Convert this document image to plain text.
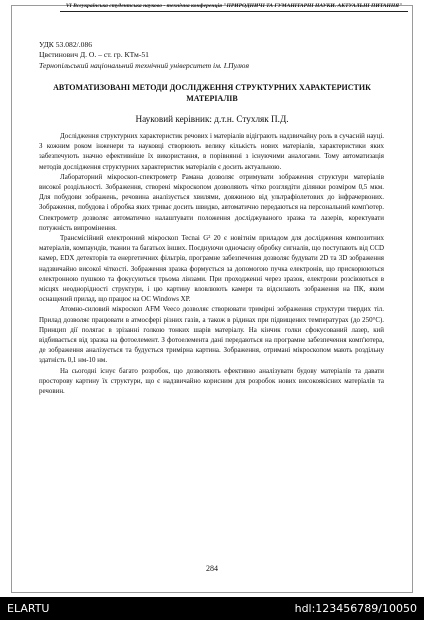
VI Всеукраїнська студентська науково - технічна конференція "ПРИРОДНИЧІ ТА ГУМАНІТАРНІ НАУКИ. АКТУАЛЬНІ ПИТАННЯ"
УДК 53.082/.086
Цвєтинович Д. О. – ст. гр. КТм-51
Тернопільський національний технічний університет ім. І.Пулюя
АВТОМАТИЗОВАНІ МЕТОДИ ДОСЛІДЖЕННЯ СТРУКТУРНИХ ХАРАКТЕРИСТИК МАТЕРІАЛІВ
Науковий керівник: д.т.н. Стухляк П.Д.

Дослідження структурних характеристик речових і матеріалів відіграють надзвичайну роль в сучасній науці. З кожним роком інженери та науковці створюють велику кількість нових матеріалів, характеристики яких забезпечують значно ефективніше їх використання, в порівнянні з існуючими аналогами. Тому автоматизація методів дослідження структурних характеристик матеріалів є досить актуальною.

Лабораторний мікроскоп-спектрометр Рамана дозволяє отримувати зображення структури матеріалів високої роздільності. Зображення, створені мікроскопом дозволяють чітко розглядіти ділянки розміром 0,5 мкм. Для побудови зображень, речовина аналізується хвилями, довжиною від ультрафіолетових до інфрачервоних. Зображення, побудова і обробка яких триває досить швидко, автоматично передаються на персональний комп'ютер. Спектрометр дозволяє автоматично налаштувати положення досліджуваного зразка та лазерів, коректувати потужність випромінення.

Трансмісійний електронний мікроскоп Tecnai G² 20 є новітнім приладом для дослідження композитних матеріалів, компаундів, тканин та багатьох інших. Поєднуючи одночасну обробку сигналів, що поступають від CCD камер, EDX детекторів та енергетичних фільтрів, програмне забезпечення дозволяє будувати 2D та 3D зображення надзвичайно високої чіткості. Зображення зразка формується за допомогою пучка електронів, що прискорюються електронною пушкою та фокусуються трьома лінзами. При проходженні через зразок, електрони розсіюються в місцях неоднорідності структури, і цю картину вловлюють камери та відсилають зображення на ПК, яким оснащений прилад, що працює на ОС Windows XP.

Атомно-силовий мікроскоп AFM Veeco дозволяє створювати тримірні зображення структури твердих тіл. Прилад дозволяє працювати в атмосфері різних газів, а також в рідинах при підвищених температурах (до 250°С). Принцип дії полягає в зрізанні голкою тонких шарів матеріалу. На кінчик голки сфокусований лазер, кий відбивається від зразка на фотоелемент. З фотоелемента дані передаються на програмне забезпечення комп'ютера, де зображення аналізується та будується тримірна картина. Зображення, отримані мікроскопом мають роздільну здатність 0,1 нм-10 нм.

На сьогодні існує багато розробок, що дозволяють ефективно аналізувати будову матеріалів та давати просторову картину їх структури, що є надзвичайно корисним для розробок нових високоякісних матеріалів та речовин.

284
ELARTU	hdl:123456789/10050
